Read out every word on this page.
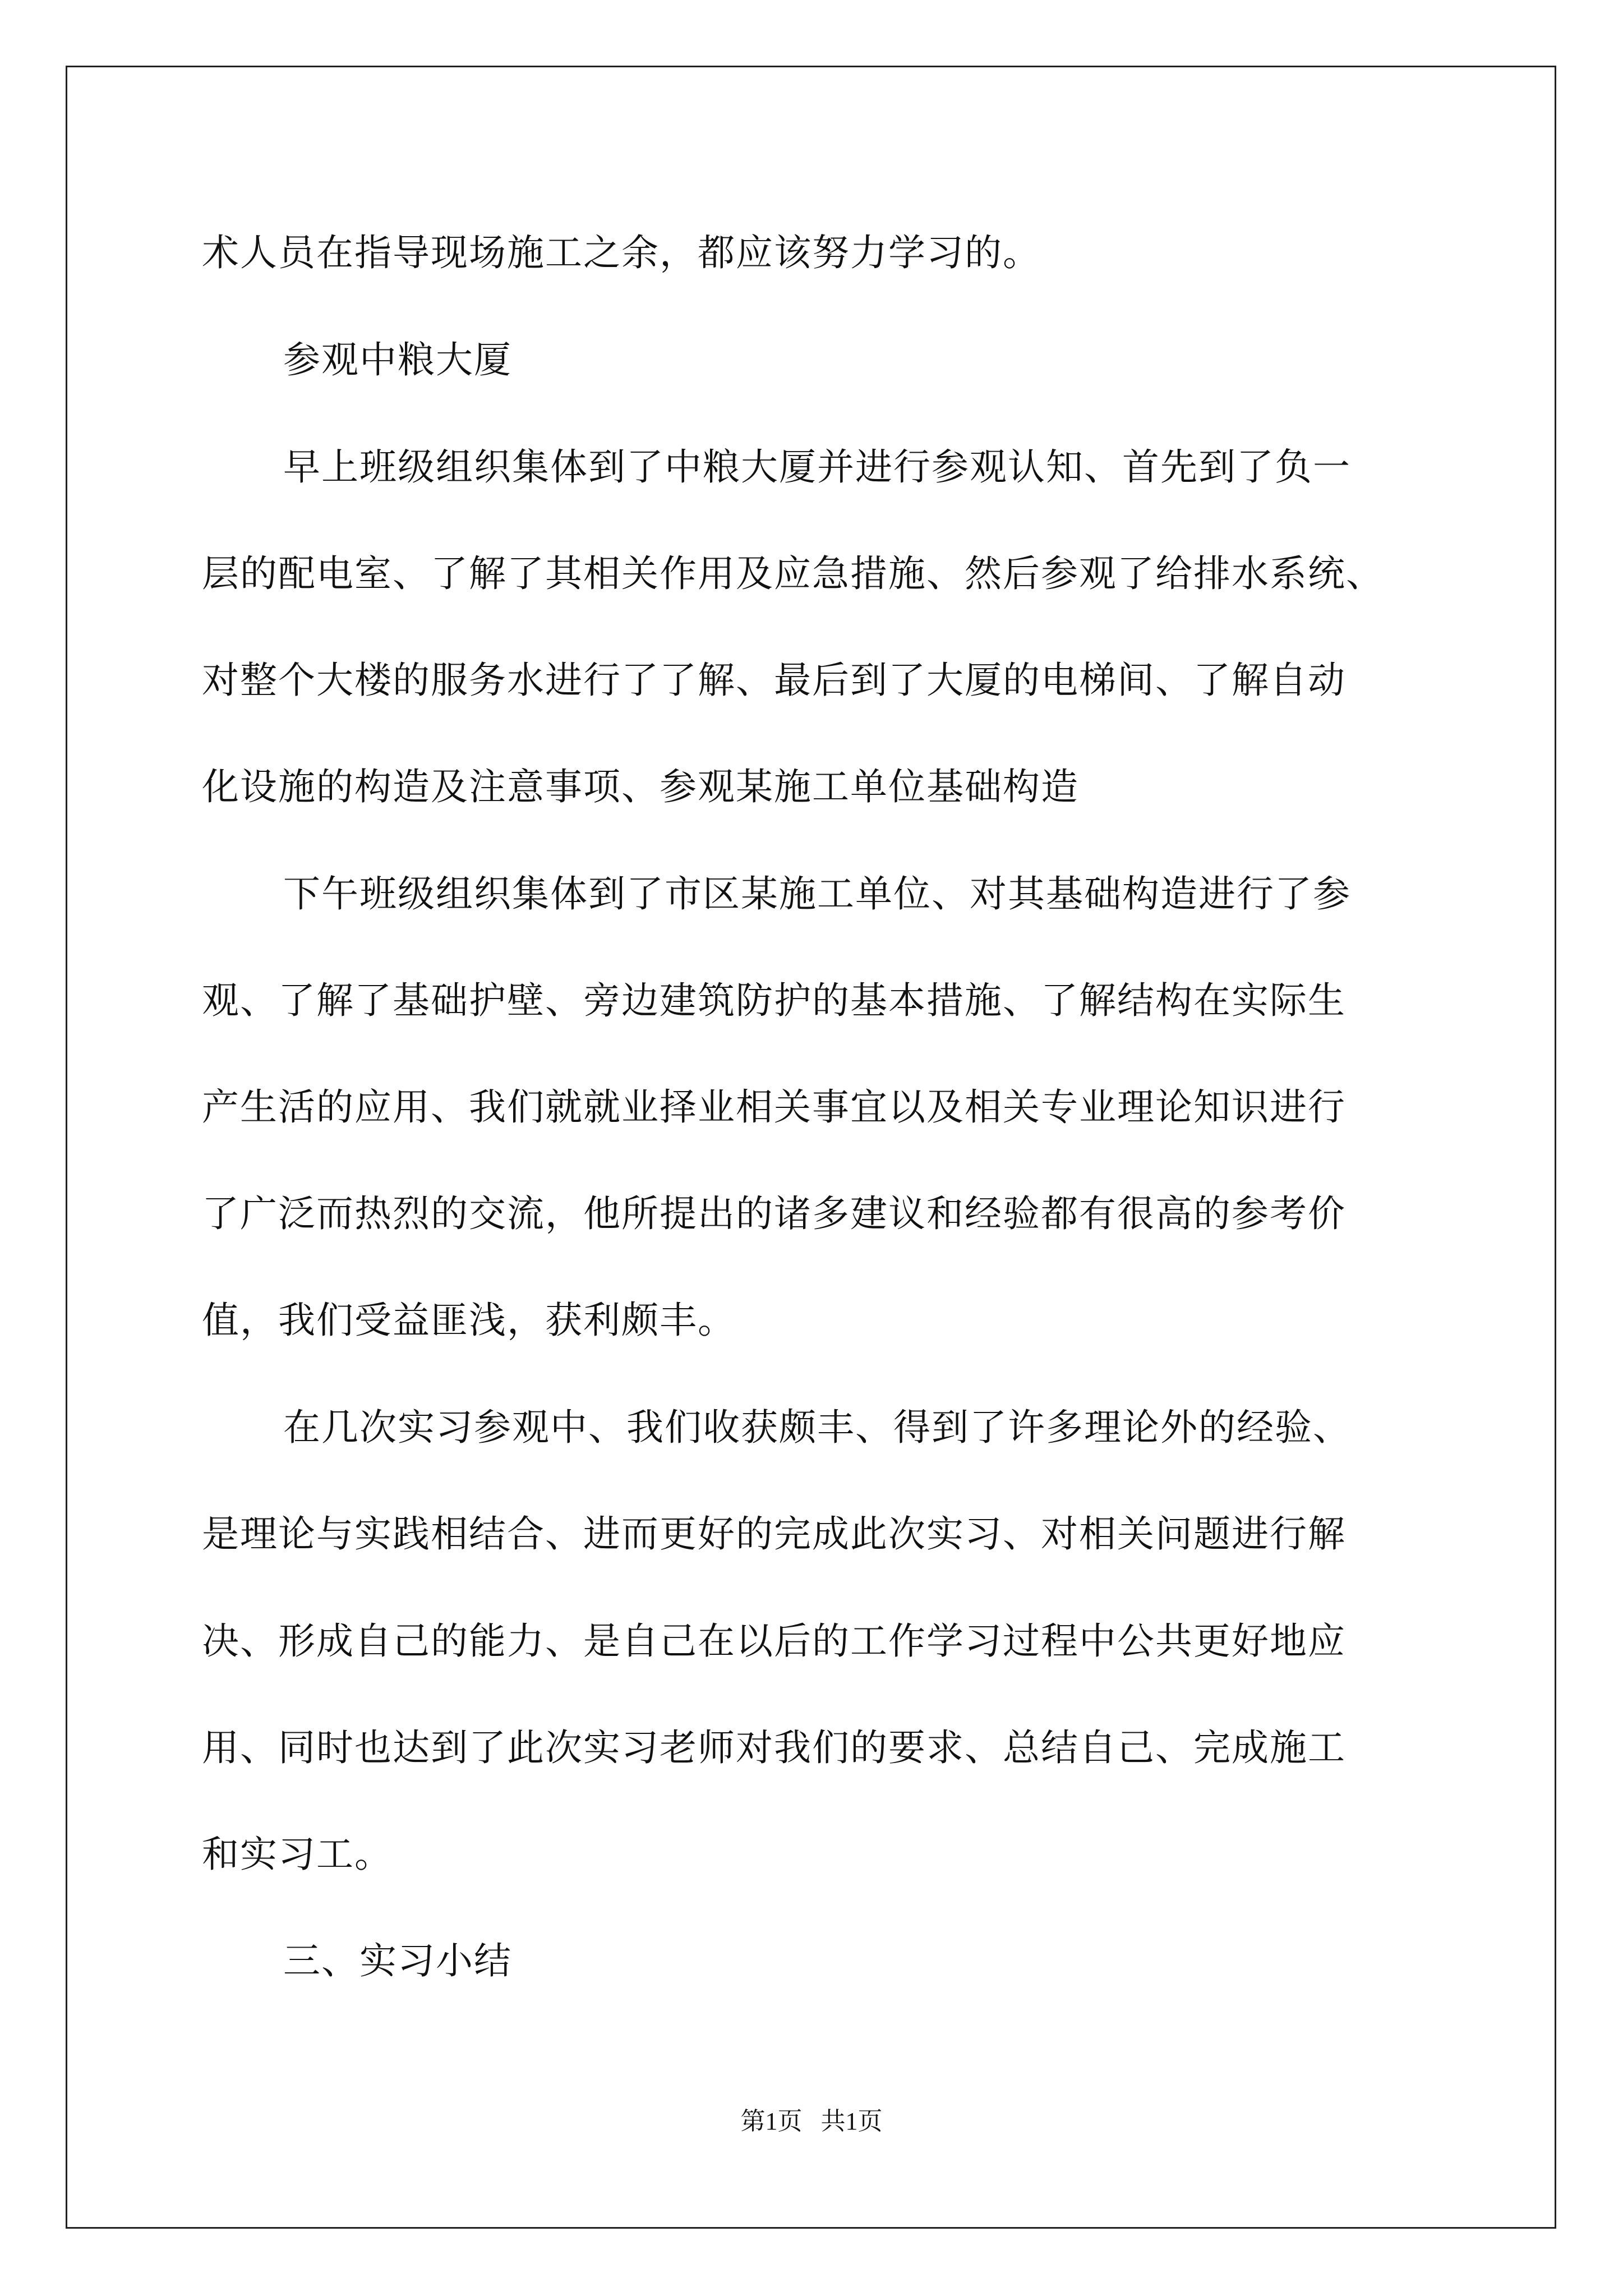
术人员在指导现场施工之余，都应该努力学习的。
参观中粮大厦
早上班级组织集体到了中粮大厦并进行参观认知、首先到了负一
层的配电室、了解了其相关作用及应急措施、然后参观了给排水系统、
对整个大楼的服务水进行了了解、最后到了大厦的电梯间、了解自动
化设施的构造及注意事项、参观某施工单位基础构造
下午班级组织集体到了市区某施工单位、对其基础构造进行了参
观、了解了基础护壁、旁边建筑防护的基本措施、了解结构在实际生
产生活的应用、我们就就业择业相关事宜以及相关专业理论知识进行
了广泛而热烈的交流，他所提出的诸多建议和经验都有很高的参考价
值，我们受益匪浅，获利颇丰。
在几次实习参观中、我们收获颇丰、得到了许多理论外的经验、
是理论与实践相结合、进而更好的完成此次实习、对相关问题进行解
决、形成自己的能力、是自己在以后的工作学习过程中公共更好地应
用、同时也达到了此次实习老师对我们的要求、总结自己、完成施工
和实习工。
三、实习小结
第1页   共1页
